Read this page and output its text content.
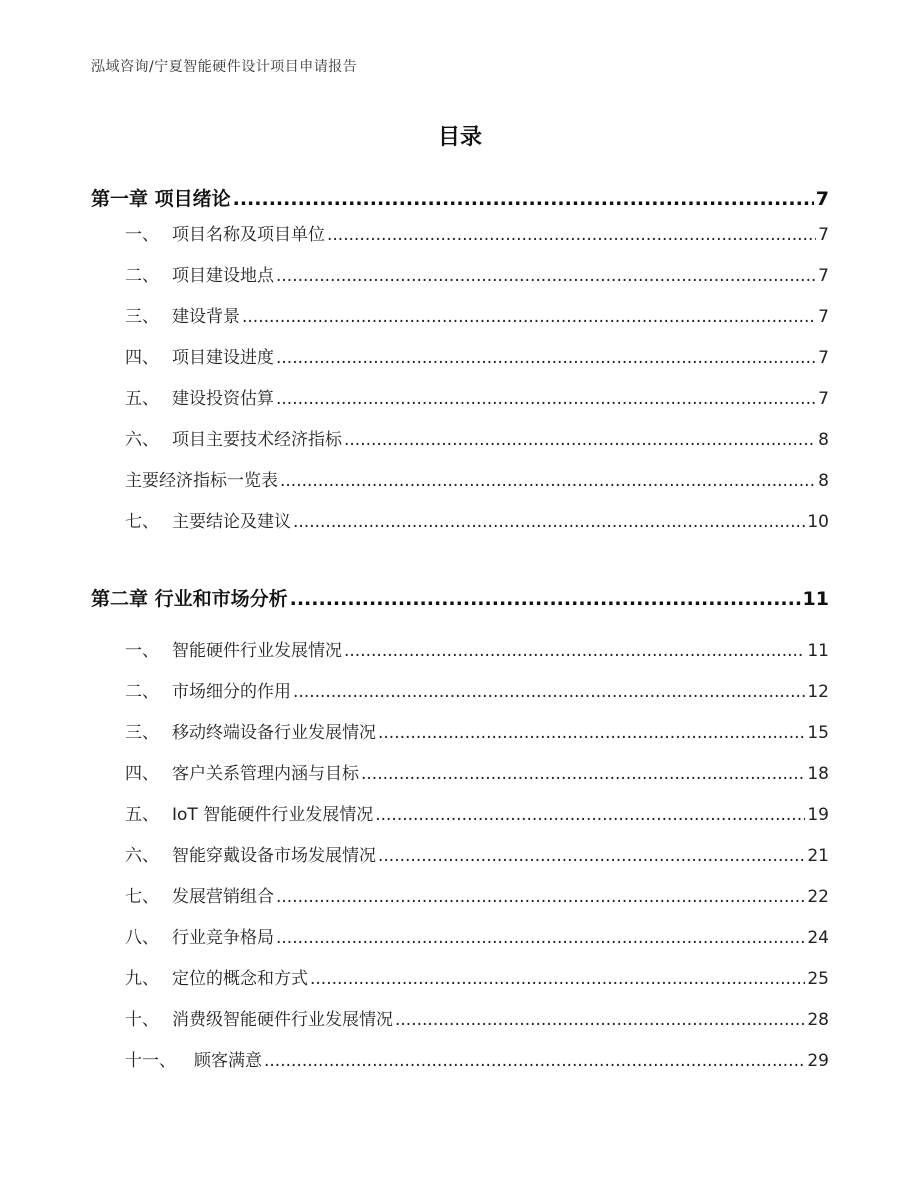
泓域咨询/宁夏智能硬件设计项目申请报告
目录
第一章 项目绪论 .....	7
一、 项目名称及项目单位 .....	7
二、 项目建设地点 .....	7
三、 建设背景 .....	7
四、 项目建设进度 .....	7
五、 建设投资估算 .....	7
六、 项目主要技术经济指标 .....	8
主要经济指标一览表 .....	8
七、 主要结论及建议 .....	10
第二章 行业和市场分析 .....	11
一、 智能硬件行业发展情况 .....	11
二、 市场细分的作用 .....	12
三、 移动终端设备行业发展情况 .....	15
四、 客户关系管理内涵与目标 .....	18
五、 IoT 智能硬件行业发展情况 .....	19
六、 智能穿戴设备市场发展情况 .....	21
七、 发展营销组合 .....	22
八、 行业竞争格局 .....	24
九、 定位的概念和方式 .....	25
十、 消费级智能硬件行业发展情况 .....	28
十一、 顾客满意 .....	29
